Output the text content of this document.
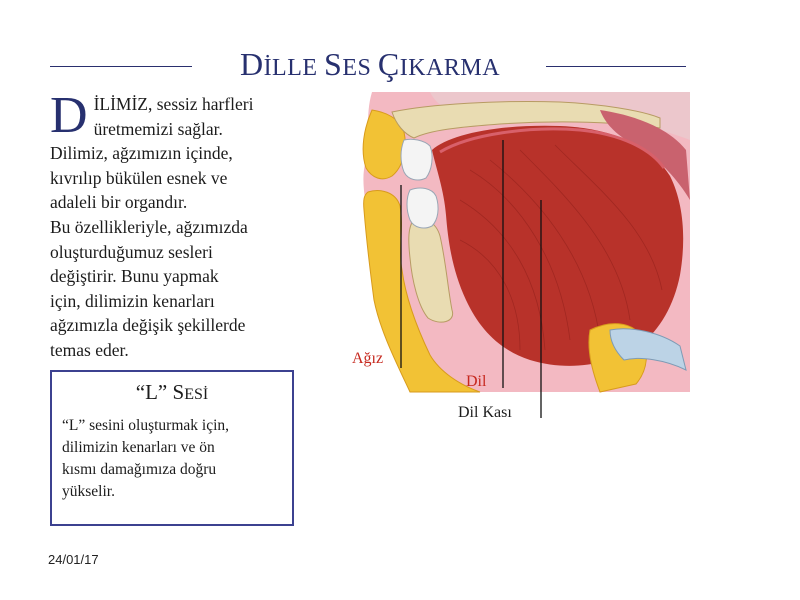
DİLLE SES ÇIKARMA
D İLİMİZ, sessiz harfleri
üretmemizi sağlar.
Dilimiz, ağzımızın içinde,
kıvrılıp bükülen esnek ve
adaleli bir organdır.
Bu özellikleriyle, ağzımızda
oluşturduğumuz sesleri
değiştirir. Bunu yapmak
için, dilimizin kenarları
ağzımızla değişik şekillerde
temas eder.
“L” SESİ
“L” sesini oluşturmak için,
dilimizin kenarları ve ön
kısmı damağımıza doğru
yükselir.
Ağız
Dil
Dil Kası
24/01/17
